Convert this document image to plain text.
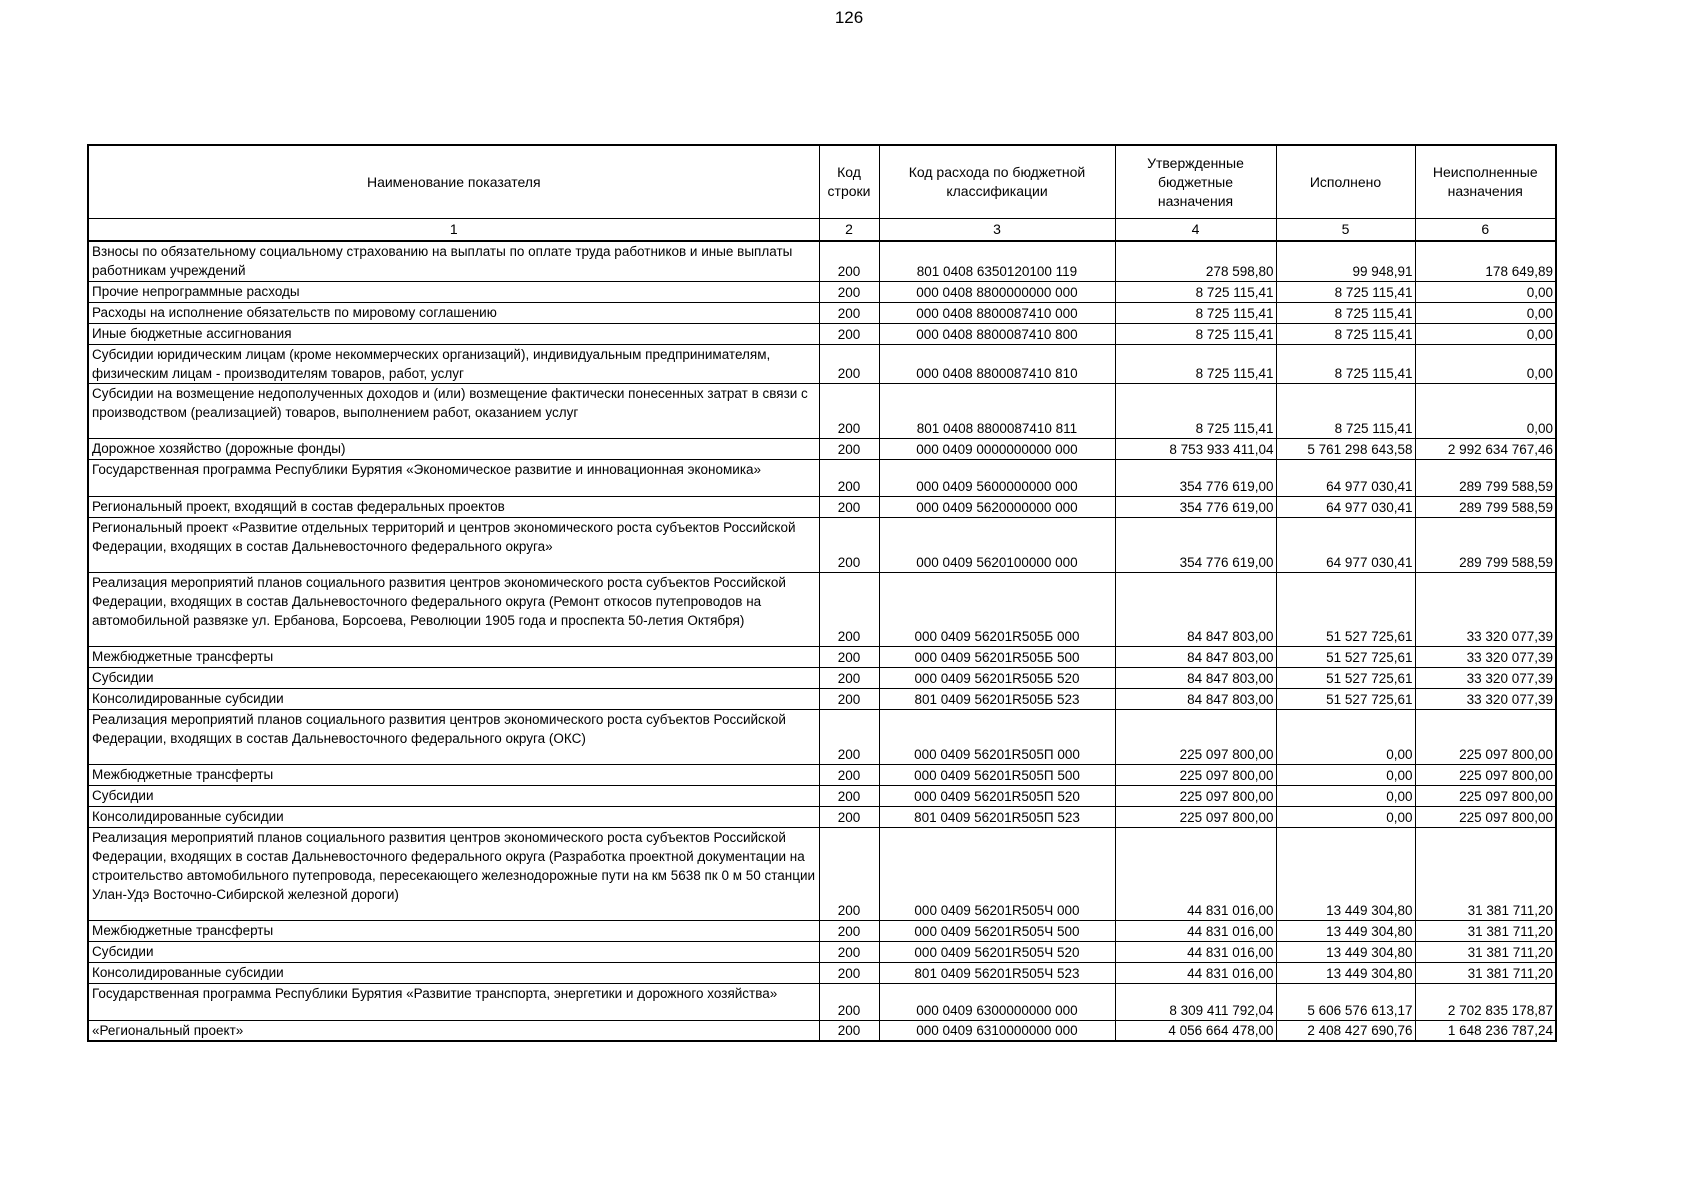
126
Наименование показателя	Код строки	Код расхода по бюджетной классификации	Утвержденные бюджетные назначения	Исполнено	Неисполненные назначения
1	2	3	4	5	6
Взносы по обязательному социальному страхованию на выплаты по оплате труда работников и иные выплаты работникам учреждений	200	801 0408 6350120100 119	278 598,80	99 948,91	178 649,89
Прочие непрограммные расходы	200	000 0408 8800000000 000	8 725 115,41	8 725 115,41	0,00
Расходы на исполнение обязательств по мировому соглашению	200	000 0408 8800087410 000	8 725 115,41	8 725 115,41	0,00
Иные бюджетные ассигнования	200	000 0408 8800087410 800	8 725 115,41	8 725 115,41	0,00
Субсидии юридическим лицам (кроме некоммерческих организаций), индивидуальным предпринимателям, физическим лицам - производителям товаров, работ, услуг	200	000 0408 8800087410 810	8 725 115,41	8 725 115,41	0,00
Субсидии на возмещение недополученных доходов и (или) возмещение фактически понесенных затрат в связи с производством (реализацией) товаров, выполнением работ, оказанием услуг	200	801 0408 8800087410 811	8 725 115,41	8 725 115,41	0,00
Дорожное хозяйство (дорожные фонды)	200	000 0409 0000000000 000	8 753 933 411,04	5 761 298 643,58	2 992 634 767,46
Государственная программа Республики Бурятия «Экономическое развитие и инновационная экономика»	200	000 0409 5600000000 000	354 776 619,00	64 977 030,41	289 799 588,59
Региональный проект, входящий в состав федеральных проектов	200	000 0409 5620000000 000	354 776 619,00	64 977 030,41	289 799 588,59
Региональный проект «Развитие отдельных территорий и центров экономического роста субъектов Российской Федерации, входящих в состав Дальневосточного федерального округа»	200	000 0409 5620100000 000	354 776 619,00	64 977 030,41	289 799 588,59
Реализация мероприятий планов социального развития центров экономического роста субъектов Российской Федерации, входящих в состав Дальневосточного федерального округа (Ремонт откосов путепроводов на автомобильной развязке ул. Ербанова, Борсоева, Революции 1905 года и проспекта 50-летия Октября)	200	000 0409 56201R505Б 000	84 847 803,00	51 527 725,61	33 320 077,39
Межбюджетные трансферты	200	000 0409 56201R505Б 500	84 847 803,00	51 527 725,61	33 320 077,39
Субсидии	200	000 0409 56201R505Б 520	84 847 803,00	51 527 725,61	33 320 077,39
Консолидированные субсидии	200	801 0409 56201R505Б 523	84 847 803,00	51 527 725,61	33 320 077,39
Реализация мероприятий планов социального развития центров экономического роста субъектов Российской Федерации, входящих в состав Дальневосточного федерального округа (ОКС)	200	000 0409 56201R505П 000	225 097 800,00	0,00	225 097 800,00
Межбюджетные трансферты	200	000 0409 56201R505П 500	225 097 800,00	0,00	225 097 800,00
Субсидии	200	000 0409 56201R505П 520	225 097 800,00	0,00	225 097 800,00
Консолидированные субсидии	200	801 0409 56201R505П 523	225 097 800,00	0,00	225 097 800,00
Реализация мероприятий планов социального развития центров экономического роста субъектов Российской Федерации, входящих в состав Дальневосточного федерального округа (Разработка проектной документации на строительство автомобильного путепровода, пересекающего железнодорожные пути на км 5638 пк 0 м 50 станции Улан-Удэ Восточно-Сибирской железной дороги)	200	000 0409 56201R505Ч 000	44 831 016,00	13 449 304,80	31 381 711,20
Межбюджетные трансферты	200	000 0409 56201R505Ч 500	44 831 016,00	13 449 304,80	31 381 711,20
Субсидии	200	000 0409 56201R505Ч 520	44 831 016,00	13 449 304,80	31 381 711,20
Консолидированные субсидии	200	801 0409 56201R505Ч 523	44 831 016,00	13 449 304,80	31 381 711,20
Государственная программа Республики Бурятия «Развитие транспорта, энергетики и дорожного хозяйства»	200	000 0409 6300000000 000	8 309 411 792,04	5 606 576 613,17	2 702 835 178,87
«Региональный проект»	200	000 0409 6310000000 000	4 056 664 478,00	2 408 427 690,76	1 648 236 787,24
